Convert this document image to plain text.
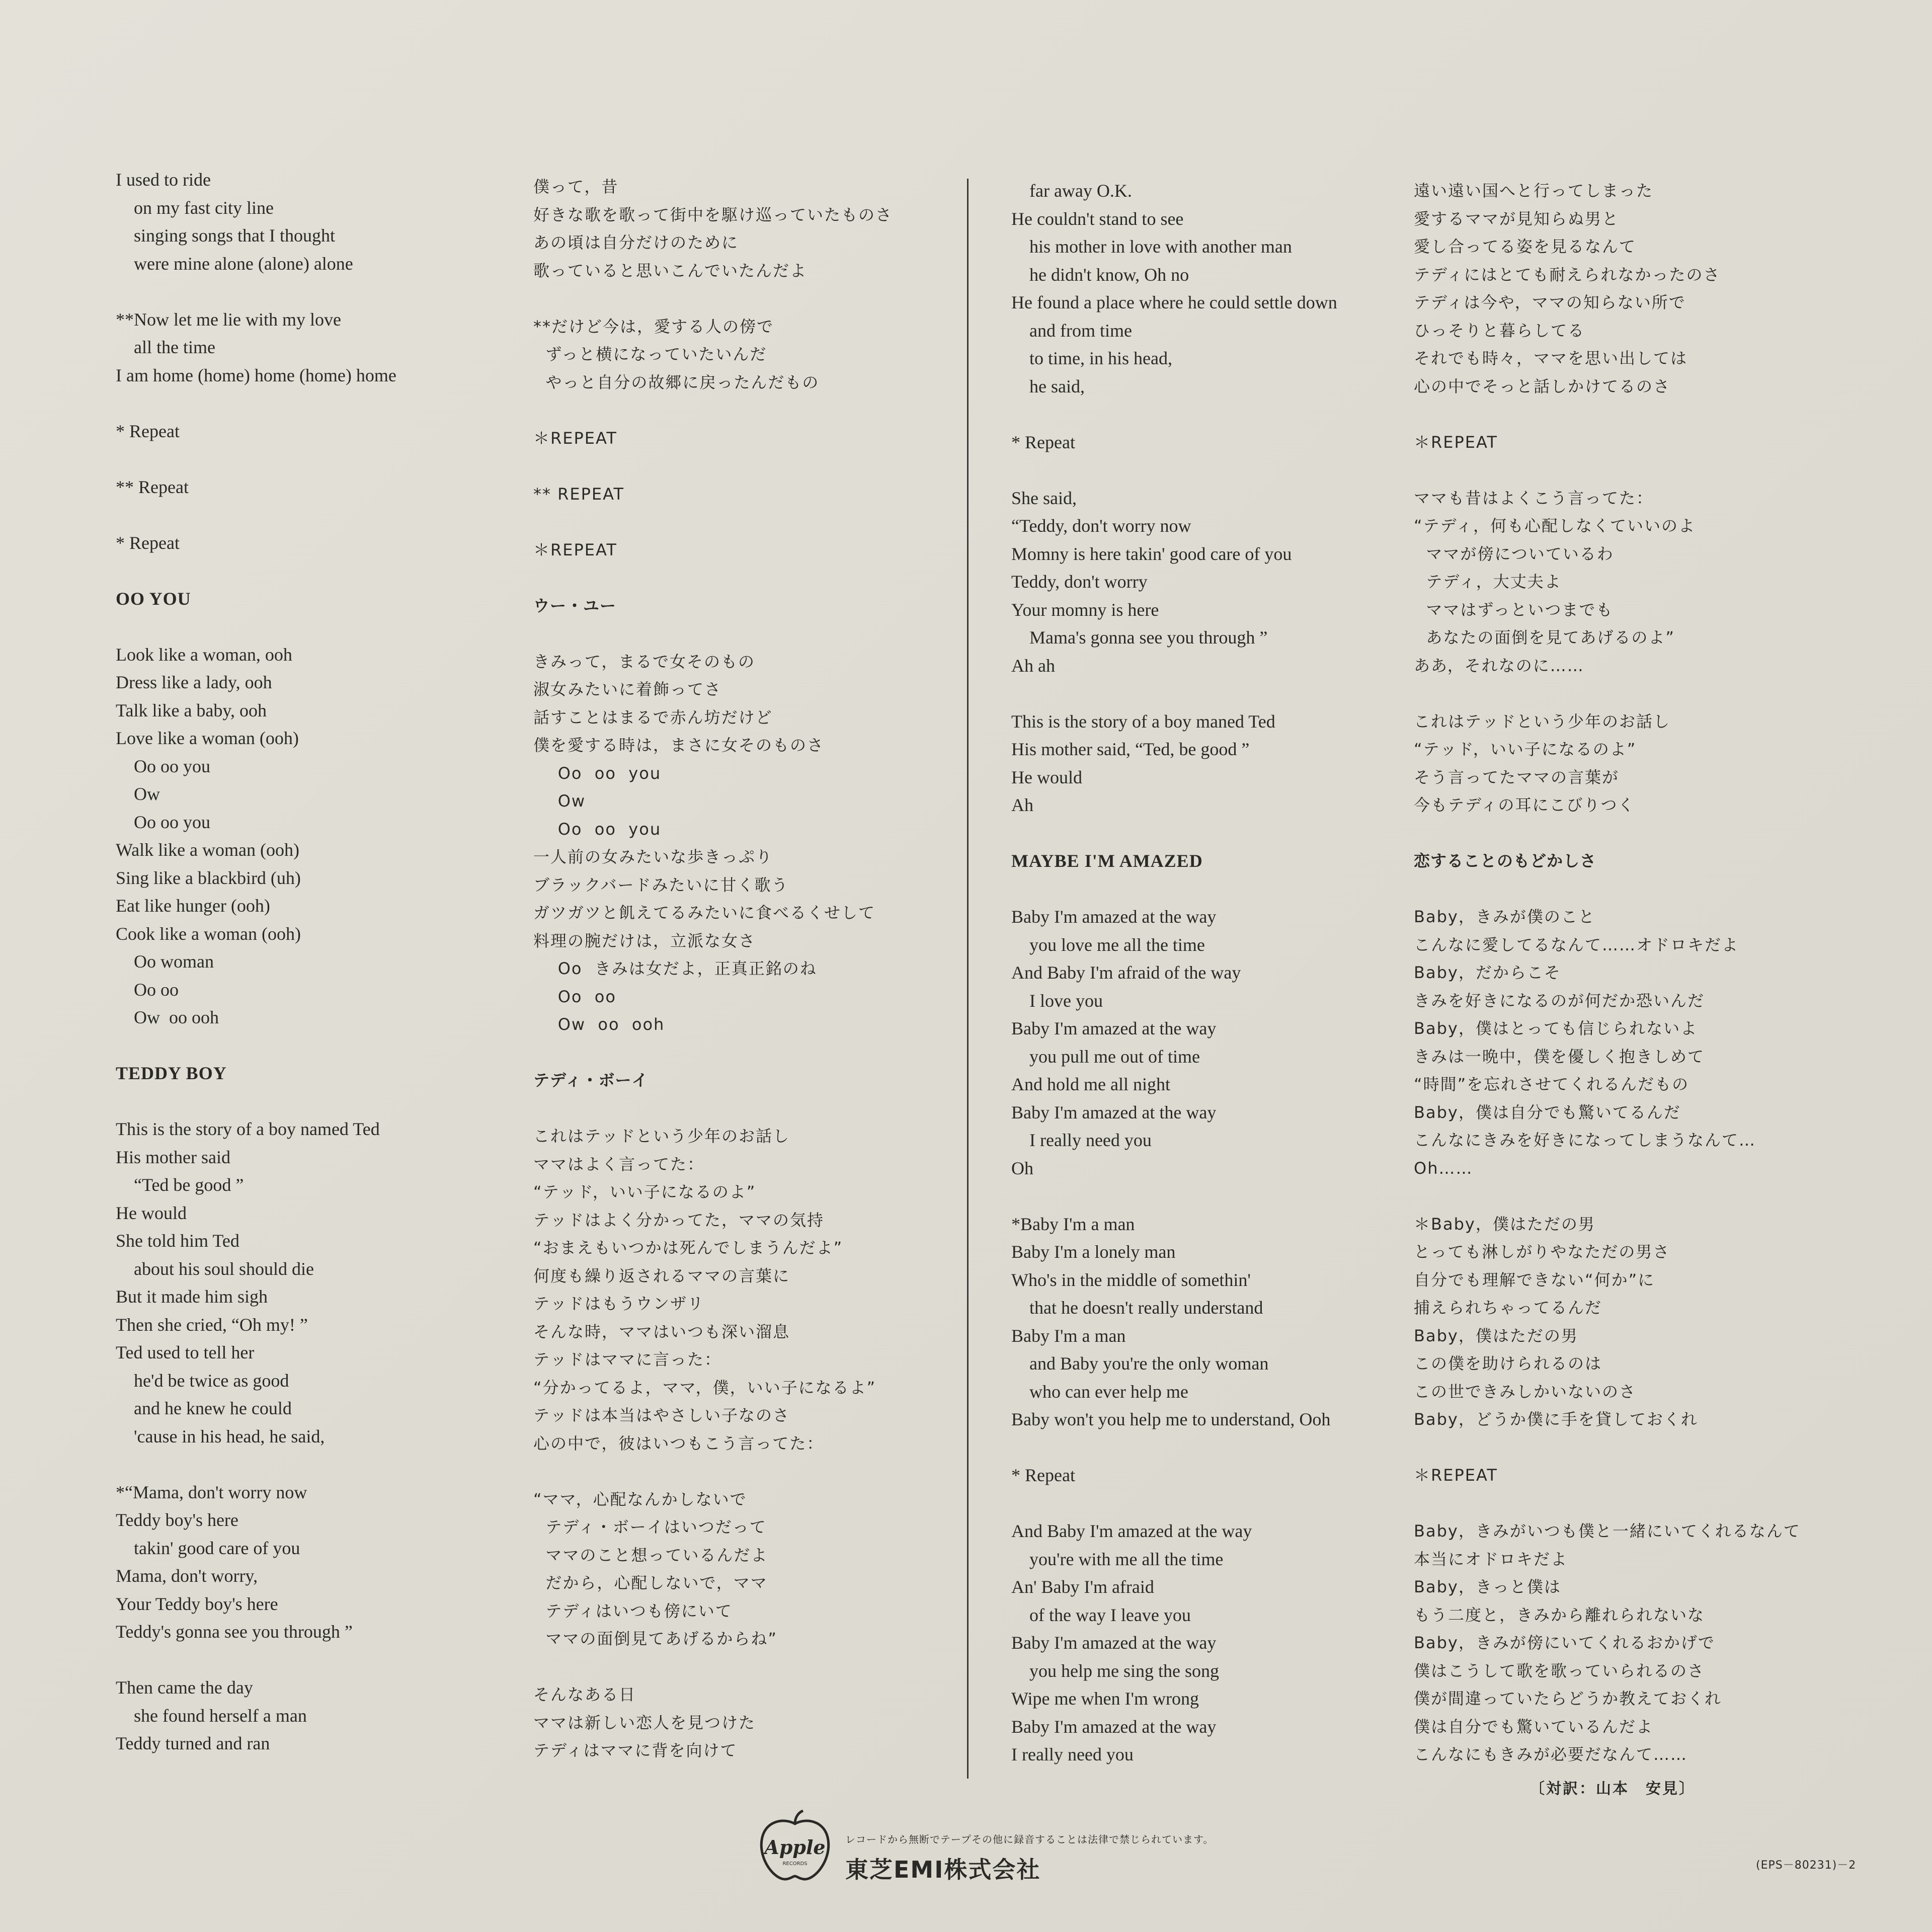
I used to ride
on my fast city line
singing songs that I thought
were mine alone (alone) alone
**Now let me lie with my love
all the time
I am home (home) home (home) home
* Repeat
** Repeat
* Repeat
OO YOU
Look like a woman, ooh
Dress like a lady, ooh
Talk like a baby, ooh
Love like a woman (ooh)
Oo oo you
Ow
Oo oo you
Walk like a woman (ooh)
Sing like a blackbird (uh)
Eat like hunger (ooh)
Cook like a woman (ooh)
Oo woman
Oo oo
Ow  oo ooh
TEDDY BOY
This is the story of a boy named Ted
His mother said
“Ted be good ”
He would
She told him Ted
about his soul should die
But it made him sigh
Then she cried, “Oh my! ”
Ted used to tell her
he'd be twice as good
and he knew he could
'cause in his head, he said,
*“Mama, don't worry now
Teddy boy's here
takin' good care of you
Mama, don't worry,
Your Teddy boy's here
Teddy's gonna see you through ”
Then came the day
she found herself a man
Teddy turned and ran
僕って，昔
好きな歌を歌って街中を駆け巡っていたものさ
あの頃は自分だけのために
歌っていると思いこんでいたんだよ
**だけど今は，愛する人の傍で
ずっと横になっていたいんだ
やっと自分の故郷に戻ったんだもの
＊REPEAT
** REPEAT
＊REPEAT
ウー・ユー
きみって，まるで女そのもの
淑女みたいに着飾ってさ
話すことはまるで赤ん坊だけど
僕を愛する時は，まさに女そのものさ
Oo  oo  you
Ow
Oo  oo  you
一人前の女みたいな歩きっぷり
ブラックバードみたいに甘く歌う
ガツガツと飢えてるみたいに食べるくせして
料理の腕だけは，立派な女さ
Oo  きみは女だよ，正真正銘のね
Oo  oo
Ow  oo  ooh
テディ・ボーイ
これはテッドという少年のお話し
ママはよく言ってた：
“テッド，いい子になるのよ”
テッドはよく分かってた，ママの気持
“おまえもいつかは死んでしまうんだよ”
何度も繰り返されるママの言葉に
テッドはもうウンザリ
そんな時，ママはいつも深い溜息
テッドはママに言った：
“分かってるよ，ママ，僕，いい子になるよ”
テッドは本当はやさしい子なのさ
心の中で，彼はいつもこう言ってた：
“ママ，心配なんかしないで
テディ・ボーイはいつだって
ママのこと想っているんだよ
だから，心配しないで，ママ
テディはいつも傍にいて
ママの面倒見てあげるからね”
そんなある日
ママは新しい恋人を見つけた
テディはママに背を向けて
far away O.K.
He couldn't stand to see
his mother in love with another man
he didn't know, Oh no
He found a place where he could settle down
and from time
to time, in his head,
he said,
* Repeat
She said,
“Teddy, don't worry now
Momny is here takin' good care of you
Teddy, don't worry
Your momny is here
Mama's gonna see you through ”
Ah ah
This is the story of a boy maned Ted
His mother said, “Ted, be good ”
He would
Ah
MAYBE I'M AMAZED
Baby I'm amazed at the way
you love me all the time
And Baby I'm afraid of the way
I love you
Baby I'm amazed at the way
you pull me out of time
And hold me all night
Baby I'm amazed at the way
I really need you
Oh
*Baby I'm a man
Baby I'm a lonely man
Who's in the middle of somethin'
that he doesn't really understand
Baby I'm a man
and Baby you're the only woman
who can ever help me
Baby won't you help me to understand, Ooh
* Repeat
And Baby I'm amazed at the way
you're with me all the time
An' Baby I'm afraid
of the way I leave you
Baby I'm amazed at the way
you help me sing the song
Wipe me when I'm wrong
Baby I'm amazed at the way
I really need you
遠い遠い国へと行ってしまった
愛するママが見知らぬ男と
愛し合ってる姿を見るなんて
テディにはとても耐えられなかったのさ
テディは今や，ママの知らない所で
ひっそりと暮らしてる
それでも時々，ママを思い出しては
心の中でそっと話しかけてるのさ
＊REPEAT
ママも昔はよくこう言ってた：
“テディ，何も心配しなくていいのよ
ママが傍についているわ
テディ，大丈夫よ
ママはずっといつまでも
あなたの面倒を見てあげるのよ”
ああ，それなのに……
これはテッドという少年のお話し
“テッド，いい子になるのよ”
そう言ってたママの言葉が
今もテディの耳にこびりつく
恋することのもどかしさ
Baby，きみが僕のこと
こんなに愛してるなんて……オドロキだよ
Baby，だからこそ
きみを好きになるのが何だか恐いんだ
Baby，僕はとっても信じられないよ
きみは一晩中，僕を優しく抱きしめて
“時間”を忘れさせてくれるんだもの
Baby，僕は自分でも驚いてるんだ
こんなにきみを好きになってしまうなんて…
Oh……
＊Baby，僕はただの男
とっても淋しがりやなただの男さ
自分でも理解できない“何か”に
捕えられちゃってるんだ
Baby，僕はただの男
この僕を助けられるのは
この世できみしかいないのさ
Baby，どうか僕に手を貸しておくれ
＊REPEAT
Baby，きみがいつも僕と一緒にいてくれるなんて
本当にオドロキだよ
Baby，きっと僕は
もう二度と，きみから離れられないな
Baby，きみが傍にいてくれるおかげで
僕はこうして歌を歌っていられるのさ
僕が間違っていたらどうか教えておくれ
僕は自分でも驚いているんだよ
こんなにもきみが必要だなんて……
〔対訳：山本　安見〕
Apple
RECORDS
レコードから無断でテープその他に録音することは法律で禁じられています。
東芝EMI株式会社	(EPS－80231)－2
